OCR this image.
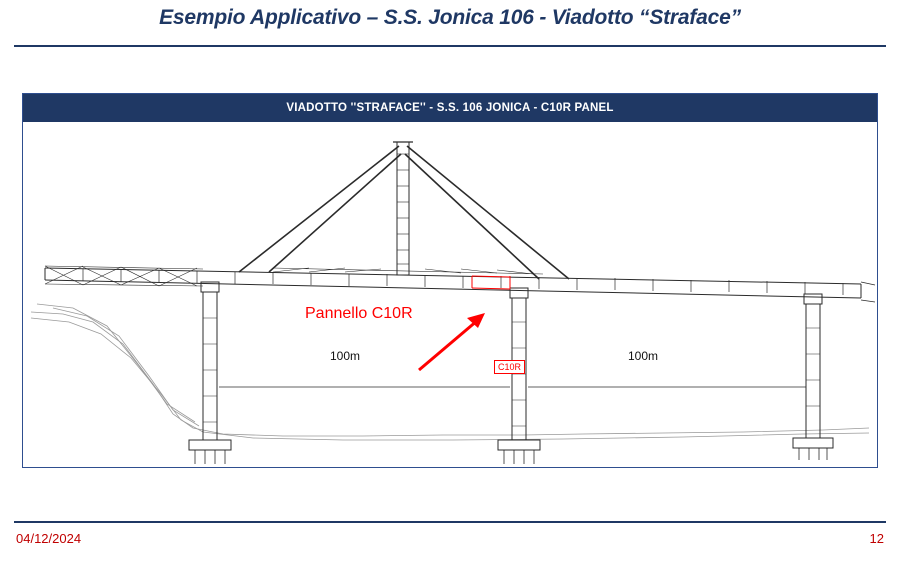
Esempio Applicativo – S.S. Jonica 106 - Viadotto “Straface”
VIADOTTO ''STRAFACE'' - S.S. 106 JONICA - C10R PANEL
C10R
Pannello C10R
100m	100m
04/12/2024	12
